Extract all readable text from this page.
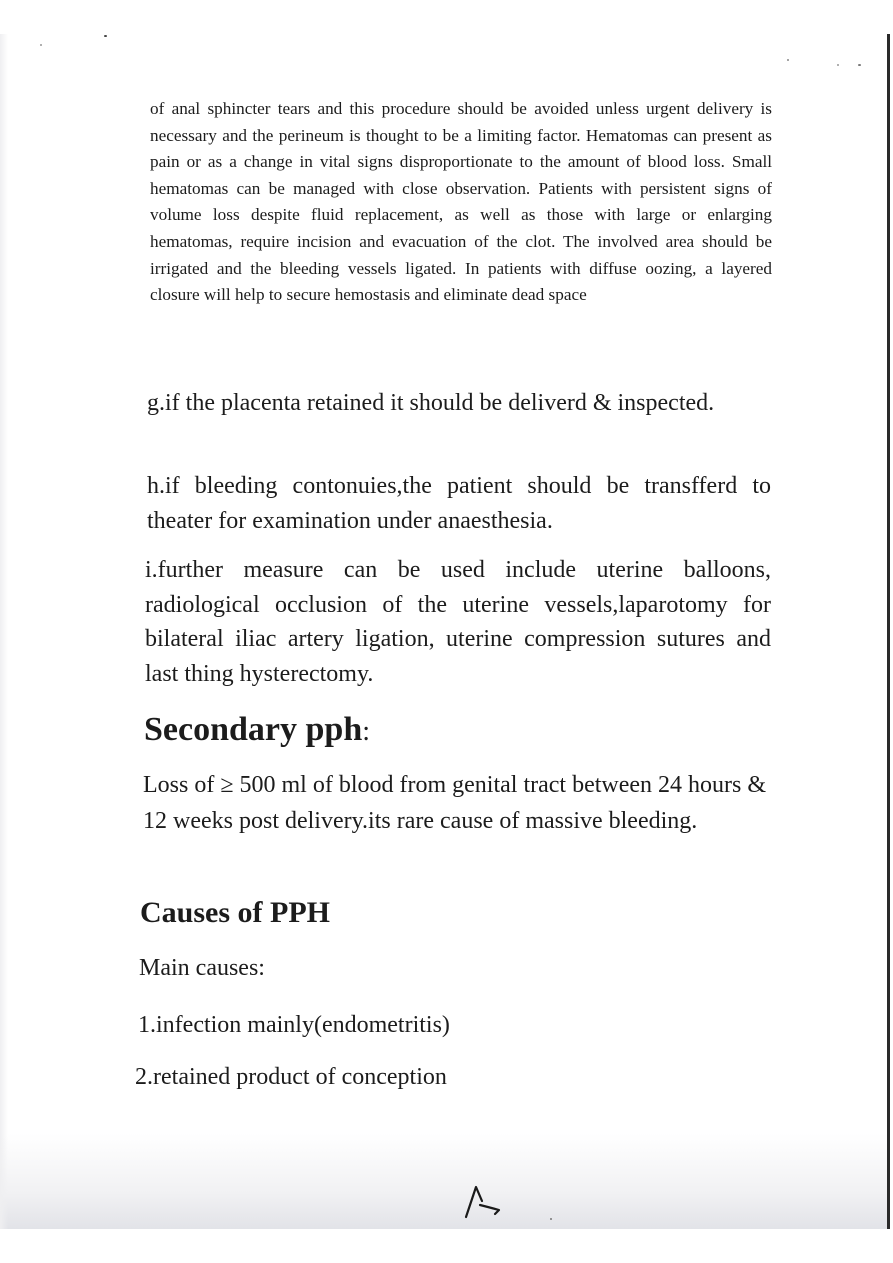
of anal sphincter tears and this procedure should be avoided unless urgent delivery is necessary and the perineum is thought to be a limiting factor. Hematomas can present as pain or as a change in vital signs disproportionate to the amount of blood loss. Small hematomas can be managed with close observation. Patients with persistent signs of volume loss despite fluid replacement, as well as those with large or enlarging hematomas, require incision and evacuation of the clot. The involved area should be irrigated and the bleeding vessels ligated. In patients with diffuse oozing, a layered closure will help to secure hemostasis and eliminate dead space

g.if the placenta retained it should be deliverd & inspected.

h.if bleeding contonuies,the patient should be transfferd to theater for examination under anaesthesia.

i.further measure can be used include uterine balloons, radiological occlusion of the uterine vessels,laparotomy for bilateral iliac artery ligation, uterine compression sutures and last thing hysterectomy.

Secondary pph:

Loss of ≥ 500 ml of blood from genital tract between 24 hours & 12 weeks post delivery.its rare cause of massive bleeding.

Causes of PPH

Main causes:

1.infection mainly(endometritis)

2.retained product of conception
